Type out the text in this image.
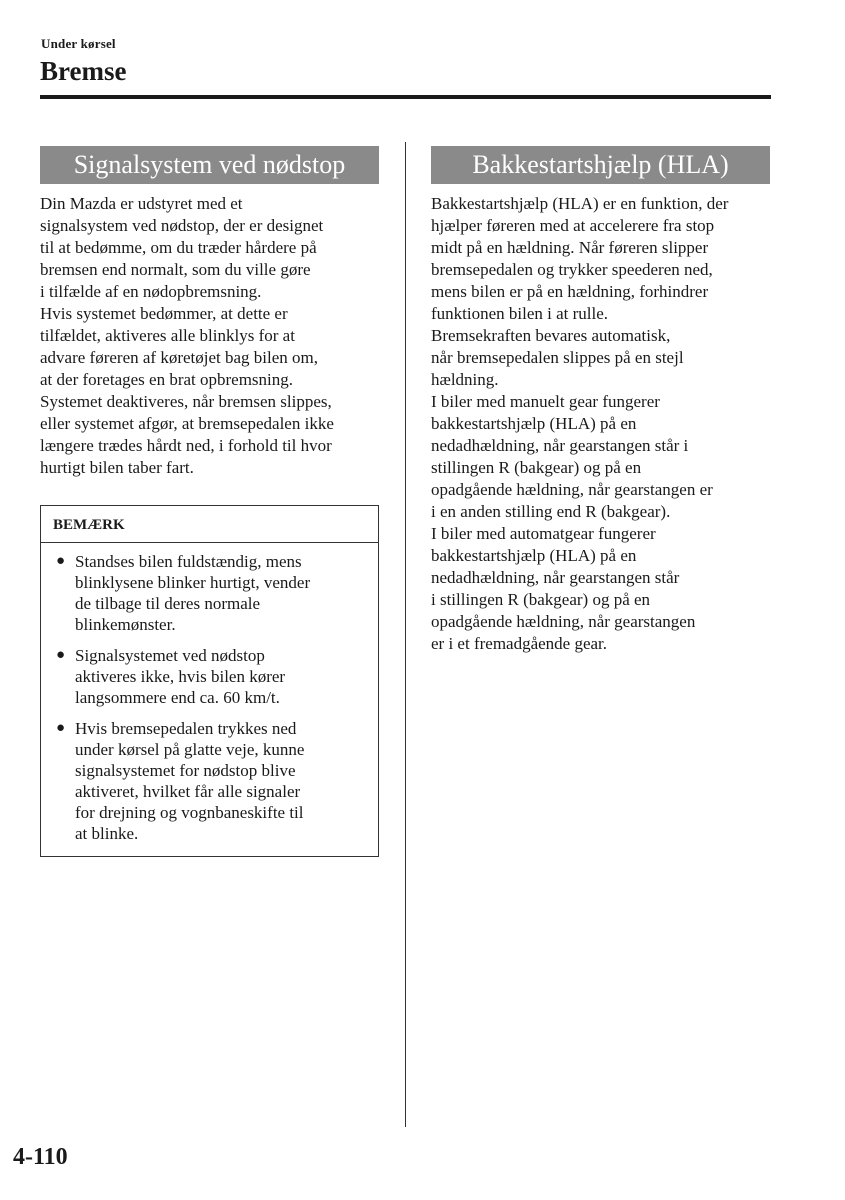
Under kørsel
Bremse
Signalsystem ved nødstop

Din Mazda er udstyret med et

signalsystem ved nødstop, der er designet

til at bedømme, om du træder hårdere på

bremsen end normalt, som du ville gøre

i tilfælde af en nødopbremsning.

Hvis systemet bedømmer, at dette er

tilfældet, aktiveres alle blinklys for at

advare føreren af køretøjet bag bilen om,

at der foretages en brat opbremsning.

Systemet deaktiveres, når bremsen slippes,

eller systemet afgør, at bremsepedalen ikke

længere trædes hårdt ned, i forhold til hvor

hurtigt bilen taber fart.

BEMÆRK
● Standses bilen fuldstændig, mens

blinklysene blinker hurtigt, vender

de tilbage til deres normale

blinkemønster.

● Signalsystemet ved nødstop

aktiveres ikke, hvis bilen kører

langsommere end ca. 60 km/t.

● Hvis bremsepedalen trykkes ned

under kørsel på glatte veje, kunne

signalsystemet for nødstop blive

aktiveret, hvilket får alle signaler

for drejning og vognbaneskifte til

at blinke.

Bakkestartshjælp (HLA)

Bakkestartshjælp (HLA) er en funktion, der

hjælper føreren med at accelerere fra stop

midt på en hældning. Når føreren slipper

bremsepedalen og trykker speederen ned,

mens bilen er på en hældning, forhindrer

funktionen bilen i at rulle.

Bremsekraften bevares automatisk,

når bremsepedalen slippes på en stejl

hældning.

I biler med manuelt gear fungerer

bakkestartshjælp (HLA) på en

nedadhældning, når gearstangen står i

stillingen R (bakgear) og på en

opadgående hældning, når gearstangen er

i en anden stilling end R (bakgear).

I biler med automatgear fungerer

bakkestartshjælp (HLA) på en

nedadhældning, når gearstangen står

i stillingen R (bakgear) og på en

opadgående hældning, når gearstangen

er i et fremadgående gear.

4-110
